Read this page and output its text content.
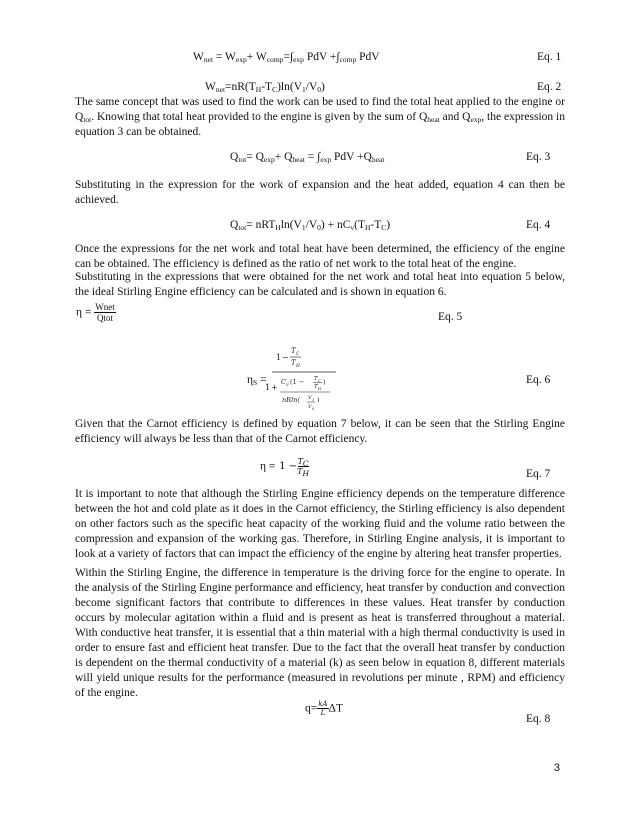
$W_{net} = W_{exp}+ W_{comp}=\int_{exp}$ PdV $+\int_{comp}$ PdV	Eq. 1
$W_{net}=nR(T_H-T_C)\ln(V_1/V_0)$	Eq. 2

The same concept that was used to find the work can be used to find the total heat applied to the engine or $Q_{tot}$. Knowing that total heat provided to the engine is given by the sum of $Q_{heat}$ and $Q_{exp}$, the expression in equation 3 can be obtained.

$Q_{tot}= Q_{exp}+ Q_{heat} = \int_{exp}$ PdV $+Q_{heat}$	Eq. 3

Substituting in the expression for the work of expansion and the heat added, equation 4 can then be achieved.

$Q_{tot}= nRT_H\ln(V_1/V_0) + nC_v(T_H-T_C)$	Eq. 4

Once the expressions for the net work and total heat have been determined, the efficiency of the engine can be obtained. The efficiency is defined as the ratio of net work to the total heat of the engine.

Substituting in the expressions that were obtained for the net work and total heat into equation 5 below, the ideal Stirling Engine efficiency can be calculated and is shown in equation 6.

$\eta = \frac{\text{Wnet}}{\text{Qtot}}$	Eq. 5
$\eta_S$ =
1 −
T C
T H
1 +
C V (1 − T C
T H
)
nRln( V 1
V 0
)
Eq. 6

Given that the Carnot efficiency is defined by equation 7 below, it can be seen that the Stirling Engine efficiency will always be less than that of the Carnot efficiency.

$\eta = 1 - \frac{T_C}{T_H}$	Eq. 7

It is important to note that although the Stirling Engine efficiency depends on the temperature difference between the hot and cold plate as it does in the Carnot efficiency, the Stirling efficiency is also dependent on other factors such as the specific heat capacity of the working fluid and the volume ratio between the compression and expansion of the working gas. Therefore, in Stirling Engine analysis, it is important to look at a variety of factors that can impact the efficiency of the engine by altering heat transfer properties.

Within the Stirling Engine, the difference in temperature is the driving force for the engine to operate. In the analysis of the Stirling Engine performance and efficiency, heat transfer by conduction and convection become significant factors that contribute to differences in these values. Heat transfer by conduction occurs by molecular agitation within a fluid and is present as heat is transferred throughout a material. With conductive heat transfer, it is essential that a thin material with a high thermal conductivity is used in order to ensure fast and efficient heat transfer. Due to the fact that the overall heat transfer by conduction is dependent on the thermal conductivity of a material (k) as seen below in equation 8, different materials will yield unique results for the performance (measured in revolutions per minute , RPM) and efficiency of the engine.

$q= \frac{kA}{L}$ ΔT
Eq. 8
3
